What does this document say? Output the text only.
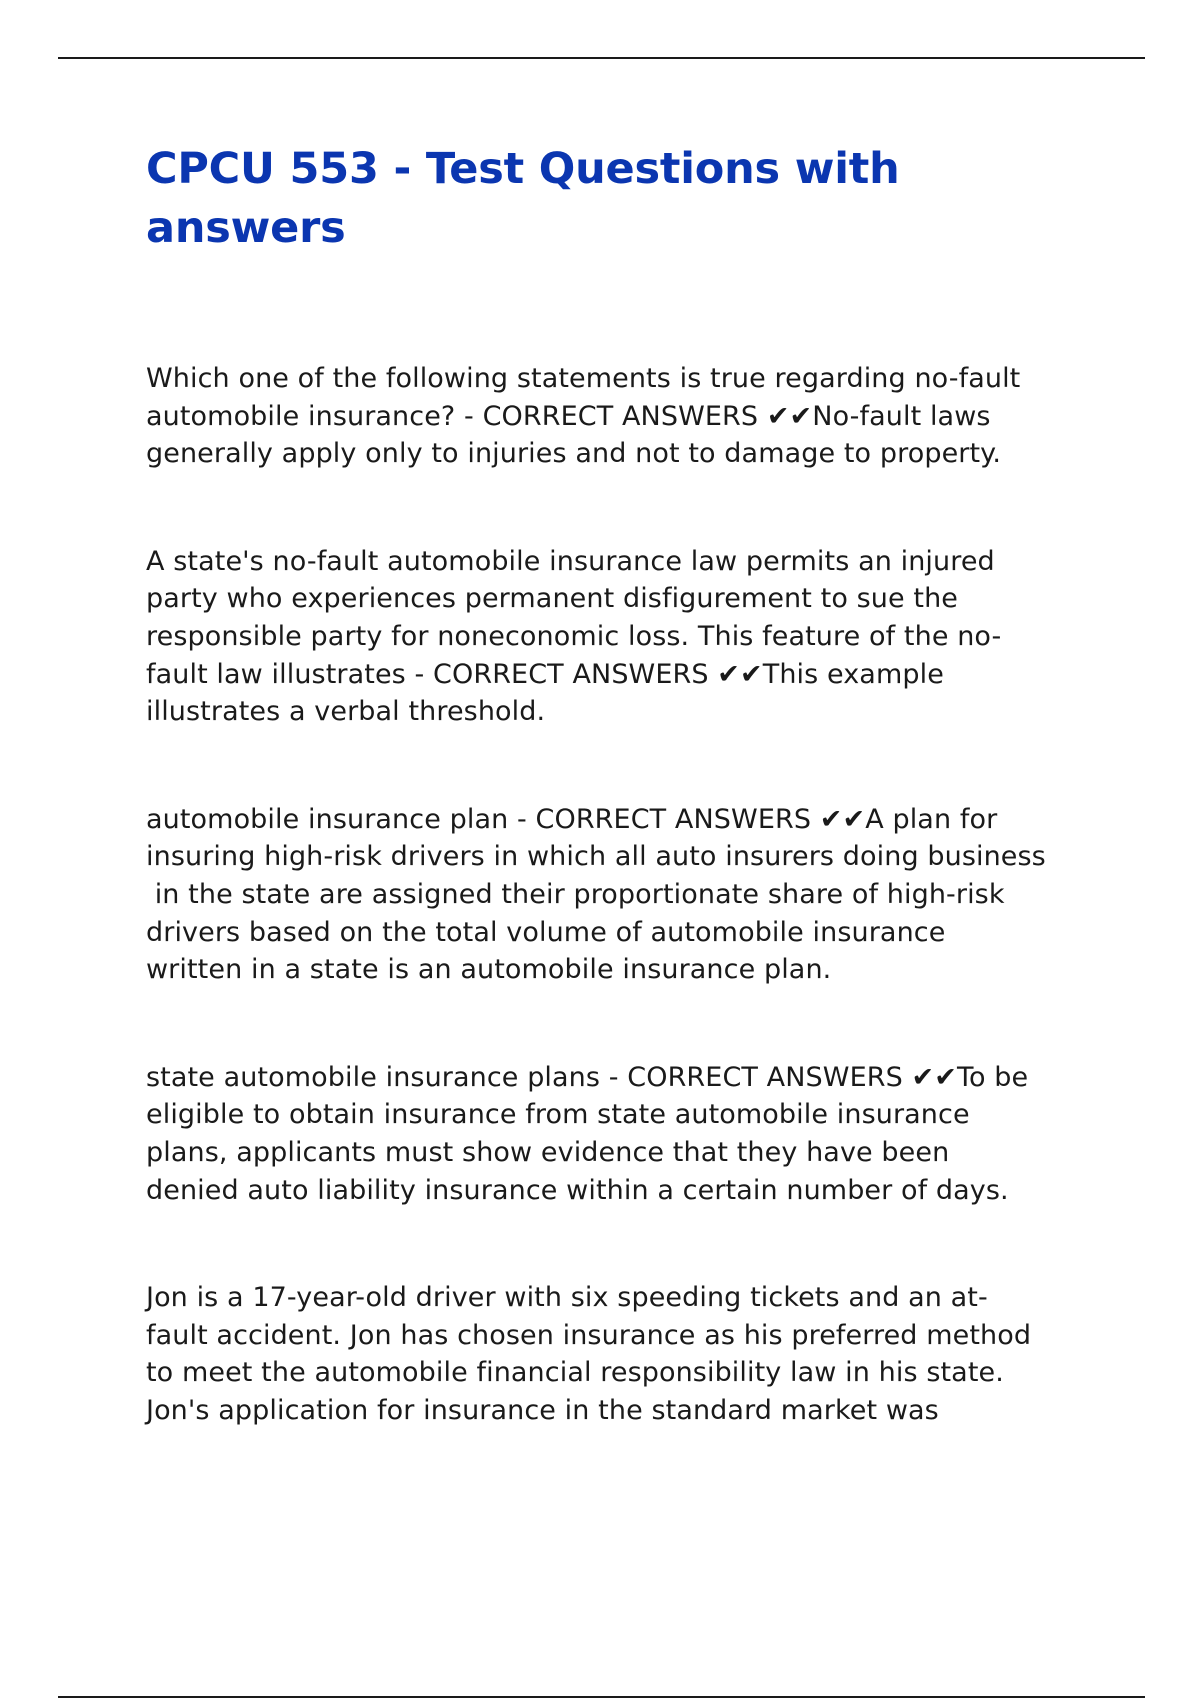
CPCU 553 - Test Questions with answers

Which one of the following statements is true regarding no-fault
automobile insurance? - CORRECT ANSWERS ✔✔No-fault laws
generally apply only to injuries and not to damage to property.

A state's no-fault automobile insurance law permits an injured
party who experiences permanent disfigurement to sue the
responsible party for noneconomic loss. This feature of the no-
fault law illustrates - CORRECT ANSWERS ✔✔This example
illustrates a verbal threshold.

automobile insurance plan - CORRECT ANSWERS ✔✔A plan for
insuring high-risk drivers in which all auto insurers doing business
in the state are assigned their proportionate share of high-risk
drivers based on the total volume of automobile insurance
written in a state is an automobile insurance plan.

state automobile insurance plans - CORRECT ANSWERS ✔✔To be
eligible to obtain insurance from state automobile insurance
plans, applicants must show evidence that they have been
denied auto liability insurance within a certain number of days.

Jon is a 17-year-old driver with six speeding tickets and an at-
fault accident. Jon has chosen insurance as his preferred method
to meet the automobile financial responsibility law in his state.
Jon's application for insurance in the standard market was
